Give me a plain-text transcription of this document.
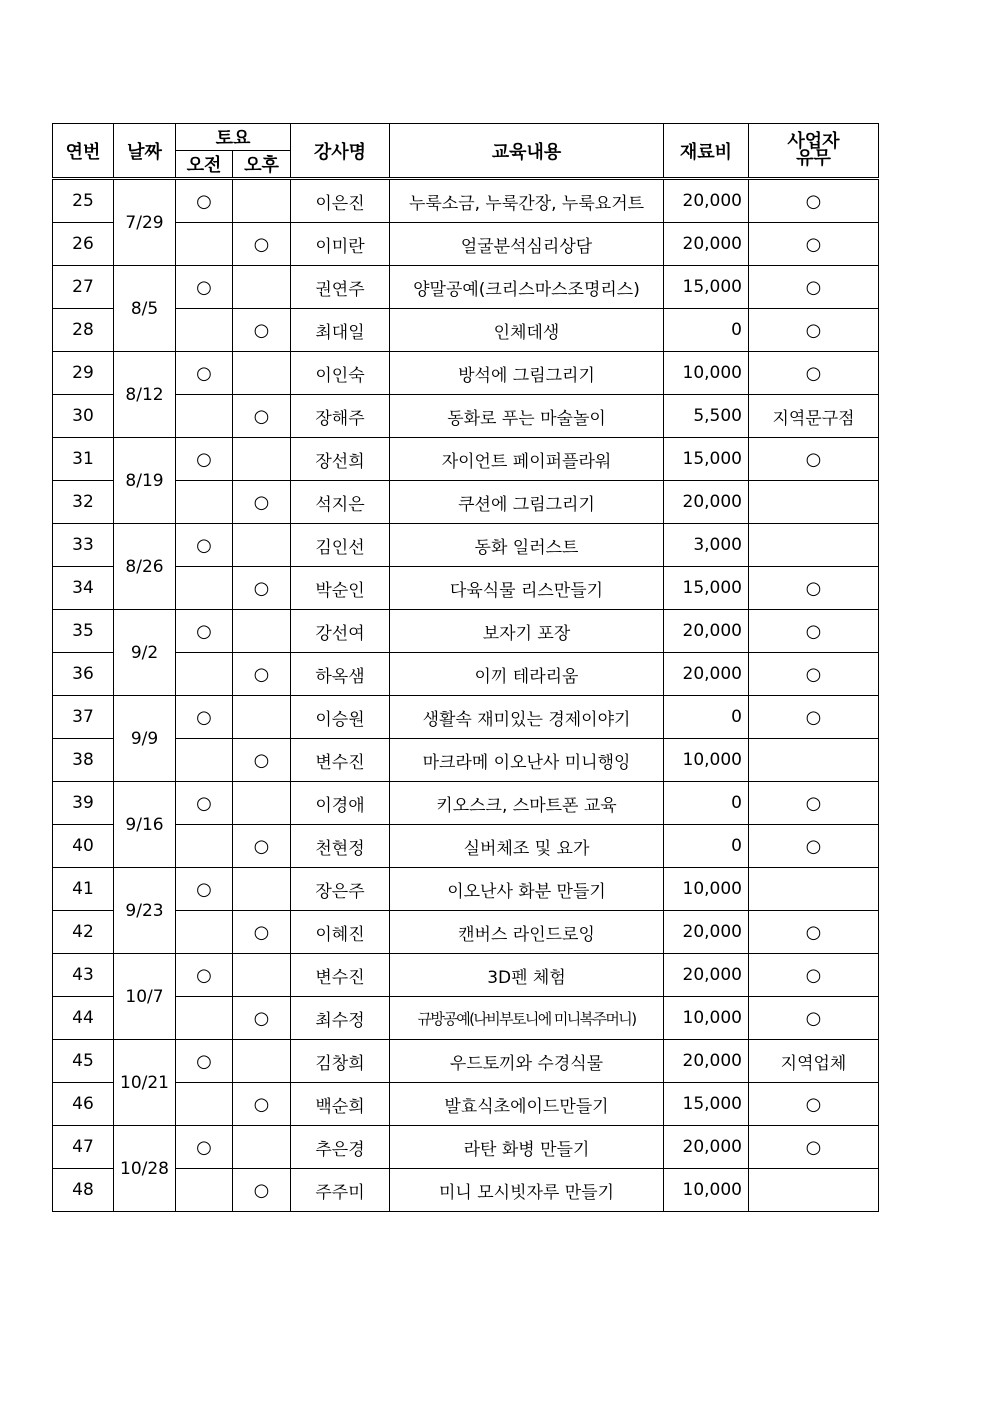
연번	날짜	토요		강사명	교육내용	재료비	사업자
유무
		오전	오후				
25	7/29	○		이은진	누룩소금, 누룩간장, 누룩요거트	20,000	○
26			○	이미란	얼굴분석심리상담	20,000	○
27	8/5	○		권연주	양말공예(크리스마스조명리스)	15,000	○
28			○	최대일	인체데생	0	○
29	8/12	○		이인숙	방석에 그림그리기	10,000	○
30			○	장해주	동화로 푸는 마술놀이	5,500	지역문구점
31	8/19	○		장선희	자이언트 페이퍼플라워	15,000	○
32			○	석지은	쿠션에 그림그리기	20,000	
33	8/26	○		김인선	동화 일러스트	3,000	
34			○	박순인	다육식물 리스만들기	15,000	○
35	9/2	○		강선여	보자기 포장	20,000	○
36			○	하옥샘	이끼 테라리움	20,000	○
37	9/9	○		이승원	생활속 재미있는 경제이야기	0	○
38			○	변수진	마크라메 이오난사 미니행잉	10,000	
39	9/16	○		이경애	키오스크, 스마트폰 교육	0	○
40			○	천현정	실버체조 및 요가	0	○
41	9/23	○		장은주	이오난사 화분 만들기	10,000	
42			○	이혜진	캔버스 라인드로잉	20,000	○
43	10/7	○		변수진	3D펜 체험	20,000	○
44			○	최수정	규방공예(나비부토니에 미니복주머니)	10,000	○
45	10/21	○		김창희	우드토끼와 수경식물	20,000	지역업체
46			○	백순희	발효식초에이드만들기	15,000	○
47	10/28	○		추은경	라탄 화병 만들기	20,000	○
48			○	주주미	미니 모시빗자루 만들기	10,000	
